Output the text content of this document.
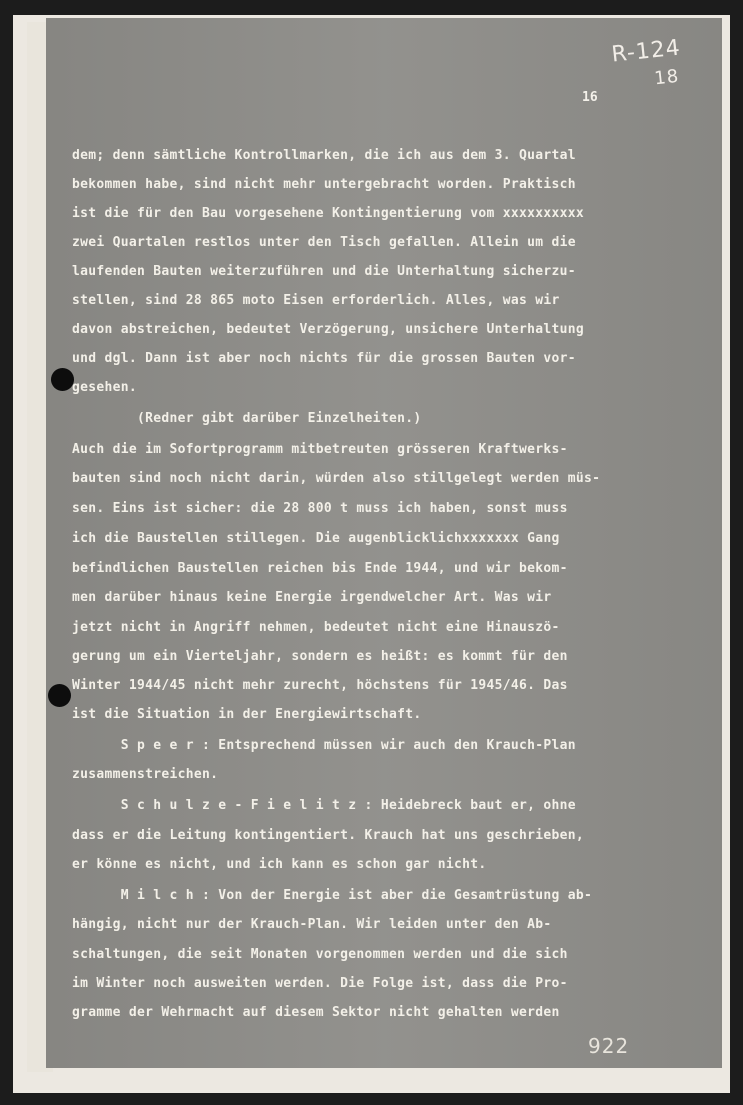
R-124
18
16
dem; denn sämtliche Kontrollmarken, die ich aus dem 3. Quartal
bekommen habe, sind nicht mehr untergebracht worden. Praktisch
ist die für den Bau vorgesehene Kontingentierung vom xxxxxxxxxx
zwei Quartalen restlos unter den Tisch gefallen. Allein um die
laufenden Bauten weiterzuführen und die Unterhaltung sicherzu-
stellen, sind 28 865 moto Eisen erforderlich. Alles, was wir
davon abstreichen, bedeutet Verzögerung, unsichere Unterhaltung
und dgl. Dann ist aber noch nichts für die grossen Bauten vor-
gesehen.
(Redner gibt darüber Einzelheiten.)
Auch die im Sofortprogramm mitbetreuten grösseren Kraftwerks-
bauten sind noch nicht darin, würden also stillgelegt werden müs-
sen. Eins ist sicher: die 28 800 t muss ich haben, sonst muss
ich die Baustellen stillegen. Die augenblicklichxxxxxxx Gang
befindlichen Baustellen reichen bis Ende 1944, und wir bekom-
men darüber hinaus keine Energie irgendwelcher Art. Was wir
jetzt nicht in Angriff nehmen, bedeutet nicht eine Hinauszö-
gerung um ein Vierteljahr, sondern es heißt: es kommt für den
Winter 1944/45 nicht mehr zurecht, höchstens für 1945/46. Das
ist die Situation in der Energiewirtschaft.
S p e e r : Entsprechend müssen wir auch den Krauch-Plan
zusammenstreichen.
S c h u l z e - F i e l i t z : Heidebreck baut er, ohne
dass er die Leitung kontingentiert. Krauch hat uns geschrieben,
er könne es nicht, und ich kann es schon gar nicht.
M i l c h : Von der Energie ist aber die Gesamtrüstung ab-
hängig, nicht nur der Krauch-Plan. Wir leiden unter den Ab-
schaltungen, die seit Monaten vorgenommen werden und die sich
im Winter noch ausweiten werden. Die Folge ist, dass die Pro-
gramme der Wehrmacht auf diesem Sektor nicht gehalten werden
922
